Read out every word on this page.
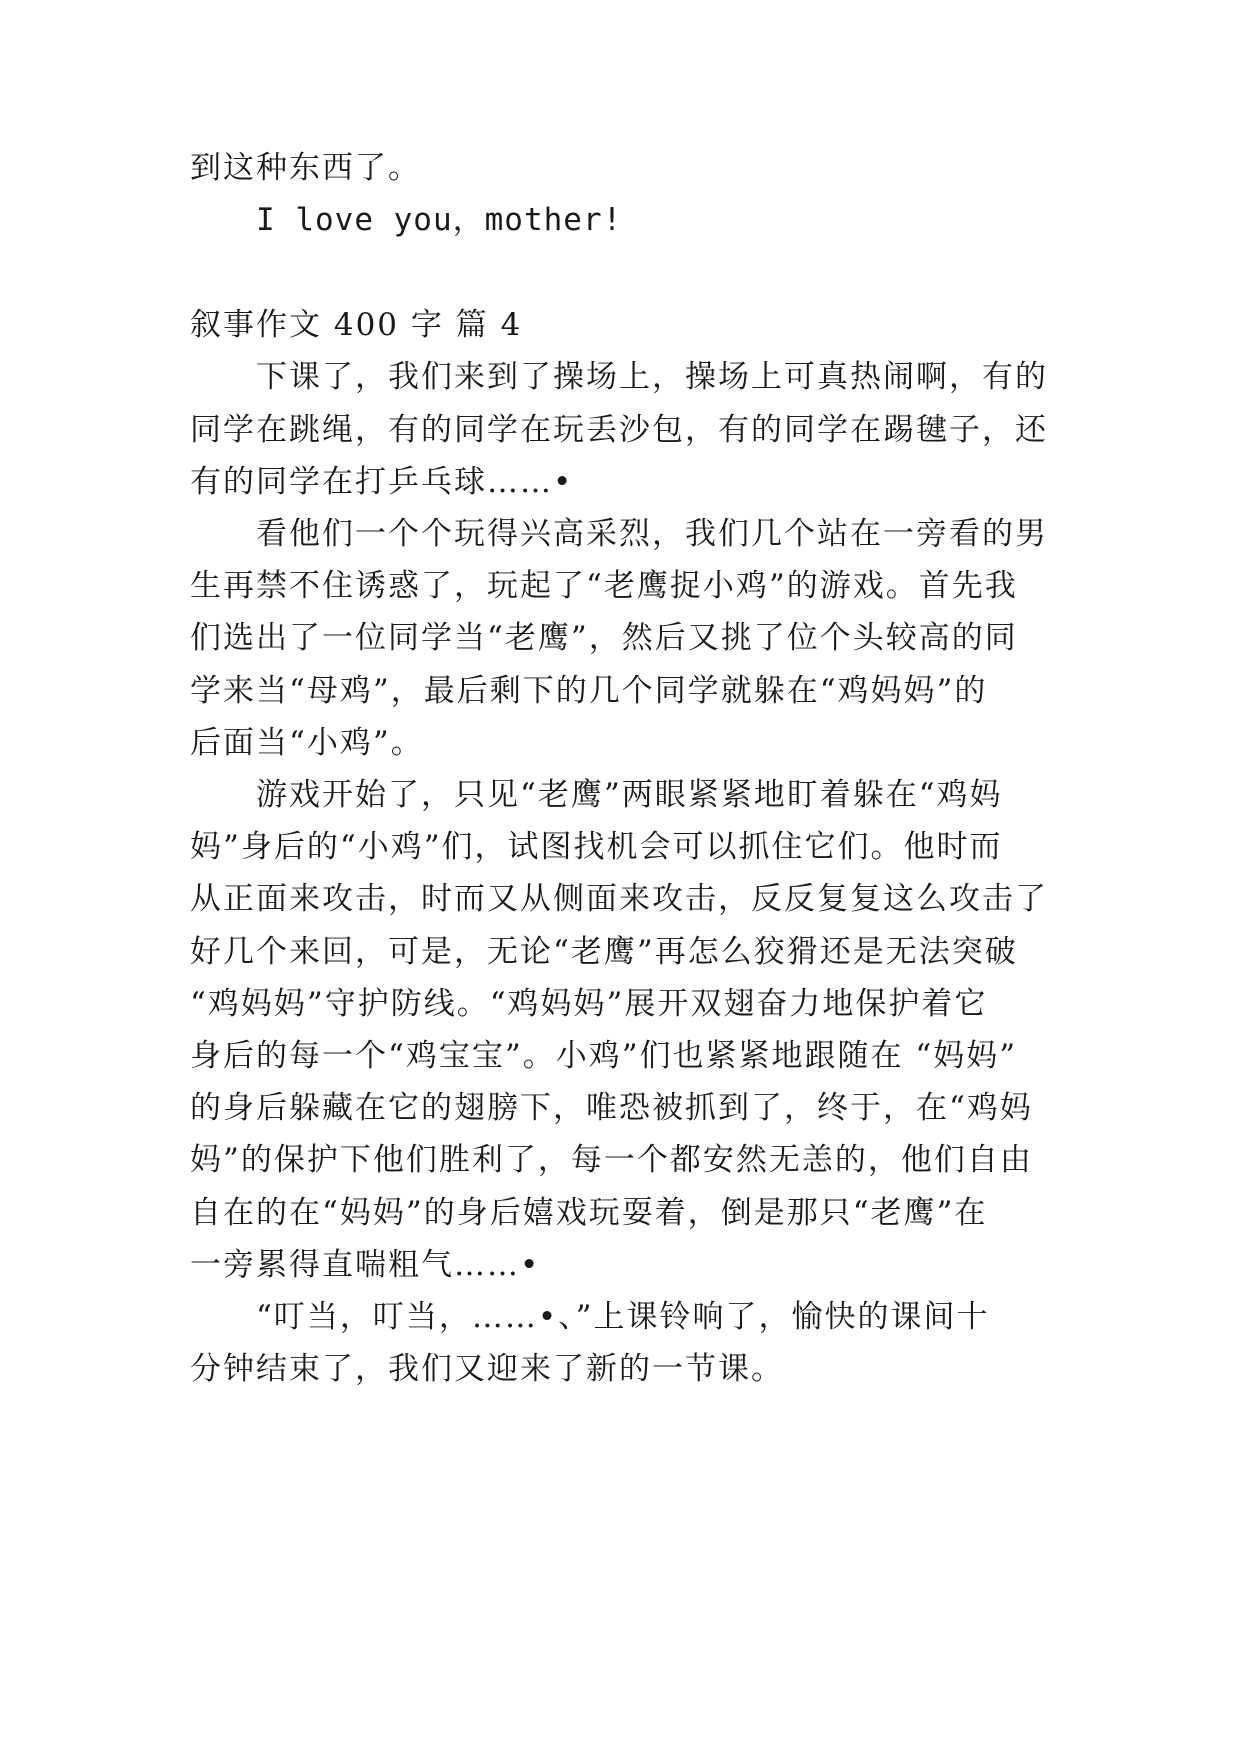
到这种东西了。
I love you，mother!
叙事作文 400 字 篇 4
下课了，我们来到了操场上，操场上可真热闹啊，有的
同学在跳绳，有的同学在玩丢沙包，有的同学在踢毽子，还
有的同学在打乒乓球……•
看他们一个个玩得兴高采烈，我们几个站在一旁看的男
生再禁不住诱惑了，玩起了“老鹰捉小鸡”的游戏。首先我
们选出了一位同学当“老鹰”，然后又挑了位个头较高的同
学来当“母鸡”，最后剩下的几个同学就躲在“鸡妈妈”的
后面当“小鸡”。
游戏开始了，只见“老鹰”两眼紧紧地盯着躲在“鸡妈
妈”身后的“小鸡”们，试图找机会可以抓住它们。他时而
从正面来攻击，时而又从侧面来攻击，反反复复这么攻击了
好几个来回，可是，无论“老鹰”再怎么狡猾还是无法突破
“鸡妈妈”守护防线。“鸡妈妈”展开双翅奋力地保护着它
身后的每一个“鸡宝宝”。小鸡”们也紧紧地跟随在 “妈妈”
的身后躲藏在它的翅膀下，唯恐被抓到了，终于，在“鸡妈
妈”的保护下他们胜利了，每一个都安然无恙的，他们自由
自在的在“妈妈”的身后嬉戏玩耍着，倒是那只“老鹰”在
一旁累得直喘粗气……•
“叮当，叮当，……•、”上课铃响了，愉快的课间十
分钟结束了，我们又迎来了新的一节课。
